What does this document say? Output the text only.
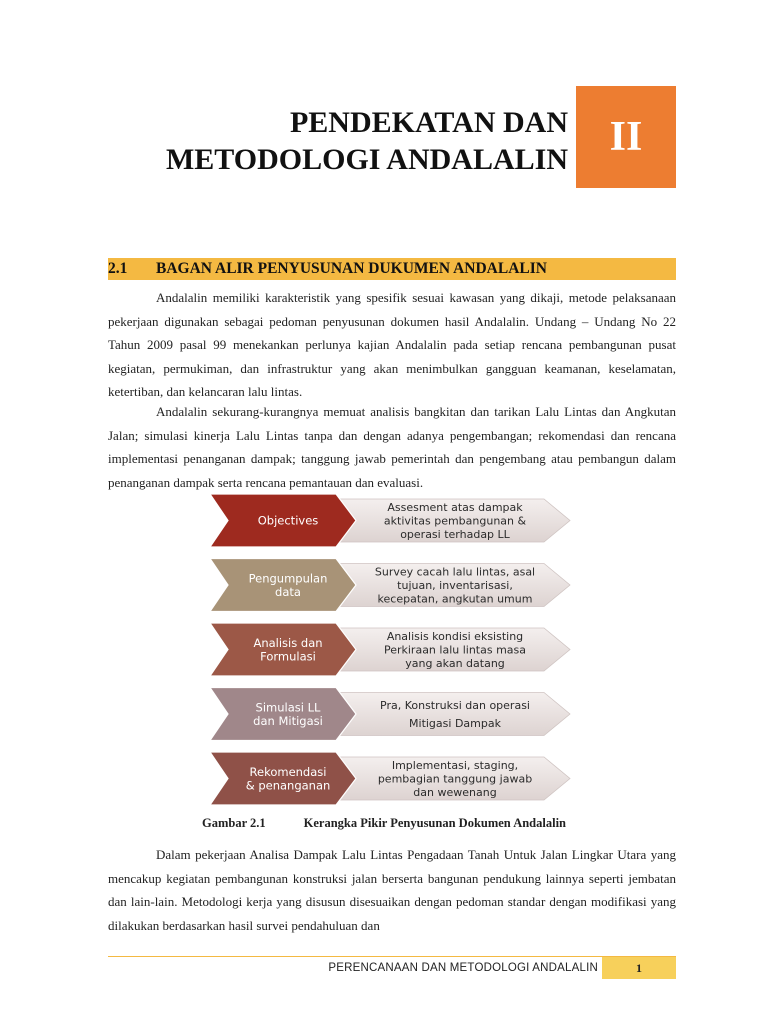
PENDEKATAN DAN
METODOLOGI ANDALALIN II
2.1 BAGAN ALIR PENYUSUNAN DUKUMEN ANDALALIN

Andalalin memiliki karakteristik yang spesifik sesuai kawasan yang dikaji, metode pelaksanaan pekerjaan digunakan sebagai pedoman penyusunan dokumen hasil Andalalin. Undang – Undang No 22 Tahun 2009 pasal 99 menekankan perlunya kajian Andalalin pada setiap rencana pembangunan pusat kegiatan, permukiman, dan infrastruktur yang akan menimbulkan gangguan keamanan, keselamatan, ketertiban, dan kelancaran lalu lintas.

Andalalin sekurang-kurangnya memuat analisis bangkitan dan tarikan Lalu Lintas dan Angkutan Jalan; simulasi kinerja Lalu Lintas tanpa dan dengan adanya pengembangan; rekomendasi dan rencana implementasi penanganan dampak; tanggung jawab pemerintah dan pengembang atau pembangun dalam penanganan dampak serta rencana pemantauan dan evaluasi.

Objectives
Assesment atas dampak
aktivitas pembangunan &
operasi terhadap LL
Pengumpulan
data
Survey cacah lalu lintas, asal
tujuan, inventarisasi,
kecepatan, angkutan umum
Analisis dan
Formulasi
Analisis kondisi eksisting
Perkiraan lalu lintas masa
yang akan datang
Simulasi LL
dan Mitigasi
Pra, Konstruksi dan operasi
Mitigasi Dampak
Rekomendasi
& penanganan
Implementasi, staging,
pembagian tanggung jawab
dan wewenang
Gambar 2.1	Kerangka Pikir Penyusunan Dokumen Andalalin

Dalam pekerjaan Analisa Dampak Lalu Lintas Pengadaan Tanah Untuk Jalan Lingkar Utara yang mencakup kegiatan pembangunan konstruksi jalan berserta bangunan pendukung lainnya seperti jembatan dan lain-lain. Metodologi kerja yang disusun disesuaikan dengan pedoman standar dengan modifikasi yang dilakukan berdasarkan hasil survei pendahuluan dan

PERENCANAAN DAN METODOLOGI ANDALALIN	1
